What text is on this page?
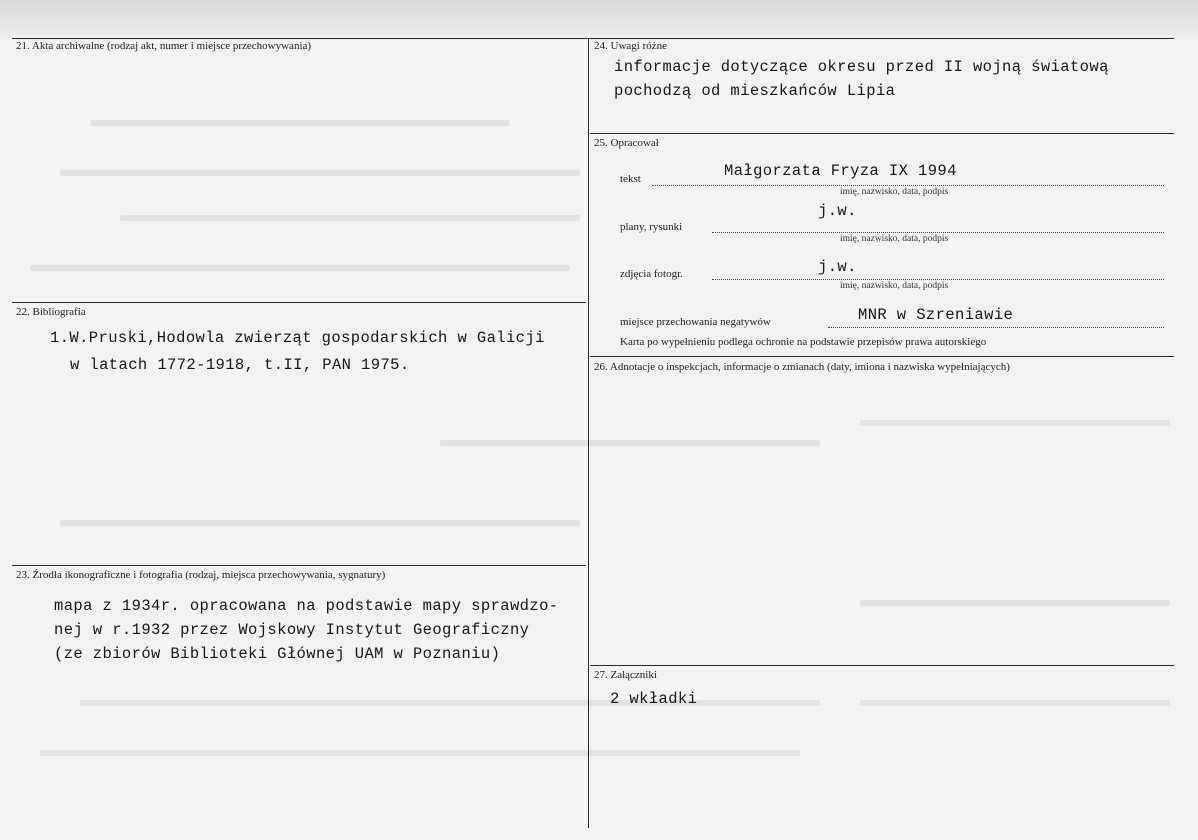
21. Akta archiwalne (rodzaj akt, numer i miejsce przechowywania)
22. Bibliografia
1.W.Pruski,Hodowla zwierząt gospodarskich w Galicji
w latach 1772-1918, t.II, PAN 1975.
23. Źrodła ikonograficzne i fotografia (rodzaj, miejsca przechowywania, sygnatury)
mapa z 1934r. opracowana na podstawie mapy sprawdzo-
nej w r.1932 przez Wojskowy Instytut Geograficzny
(ze zbiorów Biblioteki Głównej UAM w Poznaniu)
24. Uwagi różne
informacje dotyczące okresu przed II wojną światową
pochodzą od mieszkańców Lipia
25. Opracował
tekst	Małgorzata Fryza IX 1994
imię, nazwisko, data, podpis
plany, rysunki
j.w.
imię, nazwisko, data, podpis
zdjęcia fotogr.	j.w.
imię, nazwisko, data, podpis
miejsce przechowania negatywów	MNR w Szreniawie
Karta po wypełnieniu podlega ochronie na podstawie przepisów prawa autorskiego
26. Adnotacje o inspekcjach, informacje o zmianach (daty, imiona i nazwiska wypełniających)
27. Załączniki
2 wkładki
